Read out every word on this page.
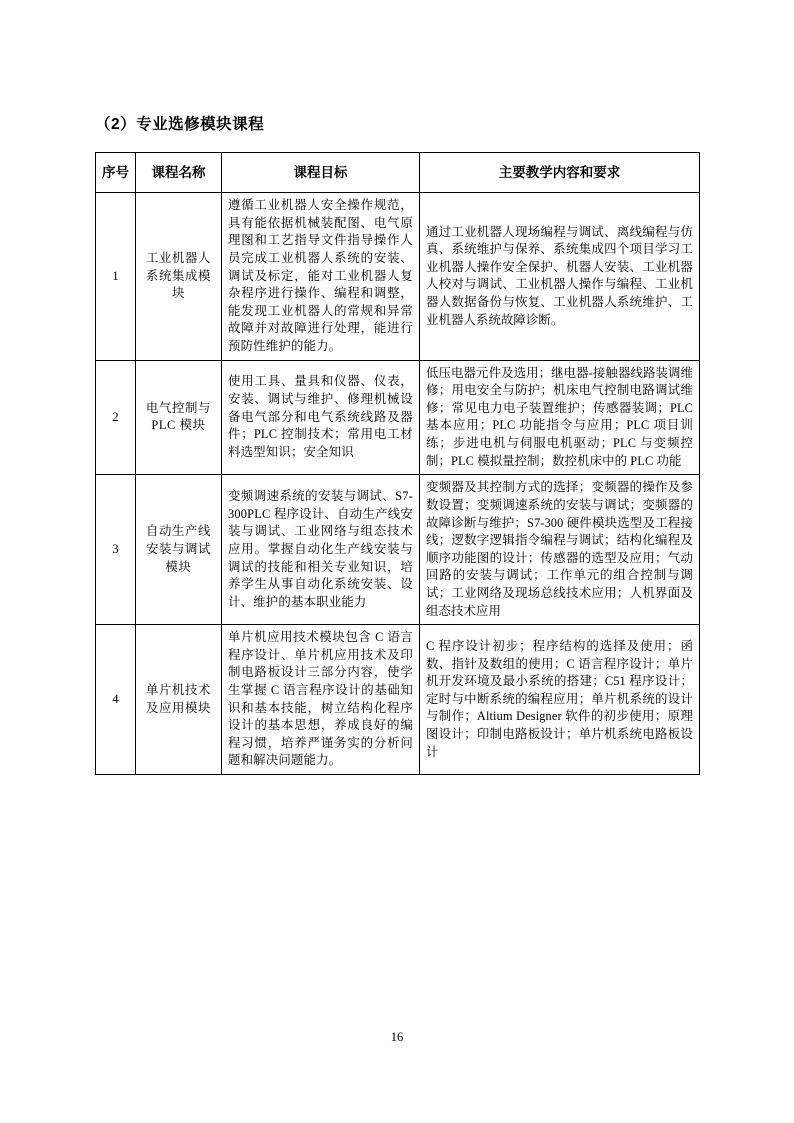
（2）专业选修模块课程
序号	课程名称	课程目标	主要教学内容和要求
1	工业机器人系统集成模块	遵循工业机器人安全操作规范，具有能依据机械装配图、电气原理图和工艺指导文件指导操作人员完成工业机器人系统的安装、调试及标定，能对工业机器人复杂程序进行操作、编程和调整，能发现工业机器人的常规和异常故障并对故障进行处理，能进行预防性维护的能力。	通过工业机器人现场编程与调试、离线编程与仿真、系统维护与保养、系统集成四个项目学习工业机器人操作安全保护、机器人安装、工业机器人校对与调试、工业机器人操作与编程、工业机器人数据备份与恢复、工业机器人系统维护、工业机器人系统故障诊断。
2	电气控制与 PLC 模块	使用工具、量具和仪器、仪表，安装、调试与维护、修理机械设备电气部分和电气系统线路及器件；PLC 控制技术；常用电工材料选型知识；安全知识	低压电器元件及选用；继电器-接触器线路装调维修；用电安全与防护；机床电气控制电路调试维修；常见电力电子装置维护；传感器装调；PLC 基本应用；PLC 功能指令与应用；PLC 项目训练；步进电机与伺服电机驱动；PLC 与变频控制；PLC 模拟量控制；数控机床中的 PLC 功能
3	自动生产线安装与调试模块	变频调速系统的安装与调试、S7-300PLC 程序设计、自动生产线安装与调试、工业网络与组态技术应用。掌握自动化生产线安装与调试的技能和相关专业知识，培养学生从事自动化系统安装、设计、维护的基本职业能力	变频器及其控制方式的选择；变频器的操作及参数设置；变频调速系统的安装与调试；变频器的故障诊断与维护；S7-300 硬件模块选型及工程接线；逻数字逻辑指令编程与调试；结构化编程及顺序功能图的设计；传感器的选型及应用；气动回路的安装与调试；工作单元的组合控制与调试；工业网络及现场总线技术应用；人机界面及组态技术应用
4	单片机技术及应用模块	单片机应用技术模块包含 C 语言程序设计、单片机应用技术及印制电路板设计三部分内容，使学生掌握 C 语言程序设计的基础知识和基本技能，树立结构化程序设计的基本思想，养成良好的编程习惯，培养严谨务实的分析问题和解决问题能力。	C 程序设计初步；程序结构的选择及使用；函数、指针及数组的使用；C 语言程序设计；单片机开发环境及最小系统的搭建；C51 程序设计；定时与中断系统的编程应用；单片机系统的设计与制作；Altium Designer 软件的初步使用；原理图设计；印制电路板设计；单片机系统电路板设计
16
